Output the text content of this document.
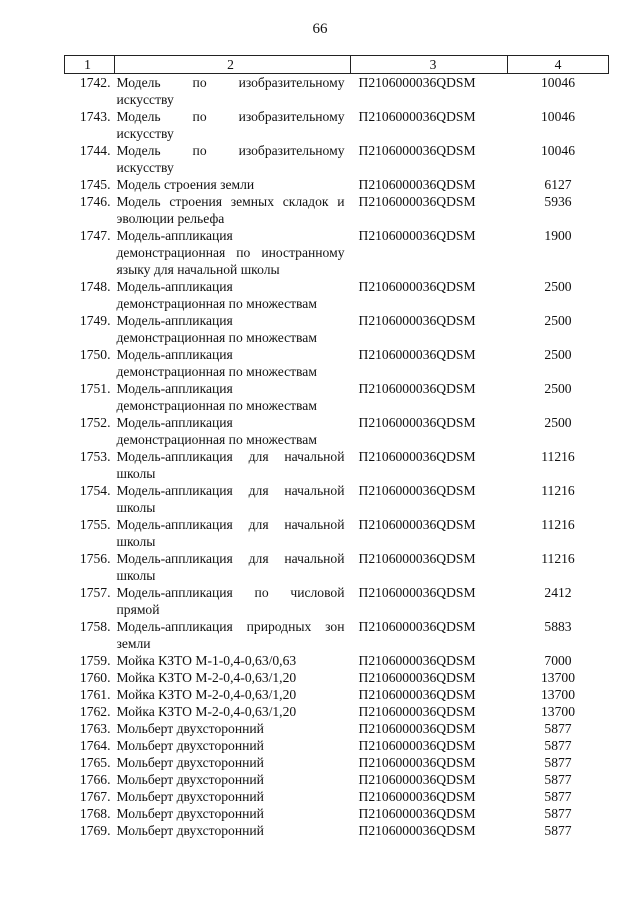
66
1	2	3	4
1742.	Модель по изобразительному искусству	П2106000036QDSM	10046
1743.	Модель по изобразительному искусству	П2106000036QDSM	10046
1744.	Модель по изобразительному искусству	П2106000036QDSM	10046
1745.	Модель строения земли	П2106000036QDSM	6127
1746.	Модель строения земных складок и эволюции рельефа	П2106000036QDSM	5936
1747.	Модель-аппликация демонстрационная по иностранному языку для начальной школы	П2106000036QDSM	1900
1748.	Модель-аппликация демонстрационная по множествам	П2106000036QDSM	2500
1749.	Модель-аппликация демонстрационная по множествам	П2106000036QDSM	2500
1750.	Модель-аппликация демонстрационная по множествам	П2106000036QDSM	2500
1751.	Модель-аппликация демонстрационная по множествам	П2106000036QDSM	2500
1752.	Модель-аппликация демонстрационная по множествам	П2106000036QDSM	2500
1753.	Модель-аппликация для начальной школы	П2106000036QDSM	11216
1754.	Модель-аппликация для начальной школы	П2106000036QDSM	11216
1755.	Модель-аппликация для начальной школы	П2106000036QDSM	11216
1756.	Модель-аппликация для начальной школы	П2106000036QDSM	11216
1757.	Модель-аппликация по числовой прямой	П2106000036QDSM	2412
1758.	Модель-аппликация природных зон земли	П2106000036QDSM	5883
1759.	Мойка КЗТО М-1-0,4-0,63/0,63	П2106000036QDSM	7000
1760.	Мойка КЗТО М-2-0,4-0,63/1,20	П2106000036QDSM	13700
1761.	Мойка КЗТО М-2-0,4-0,63/1,20	П2106000036QDSM	13700
1762.	Мойка КЗТО М-2-0,4-0,63/1,20	П2106000036QDSM	13700
1763.	Мольберт двухсторонний	П2106000036QDSM	5877
1764.	Мольберт двухсторонний	П2106000036QDSM	5877
1765.	Мольберт двухсторонний	П2106000036QDSM	5877
1766.	Мольберт двухсторонний	П2106000036QDSM	5877
1767.	Мольберт двухсторонний	П2106000036QDSM	5877
1768.	Мольберт двухсторонний	П2106000036QDSM	5877
1769.	Мольберт двухсторонний	П2106000036QDSM	5877
